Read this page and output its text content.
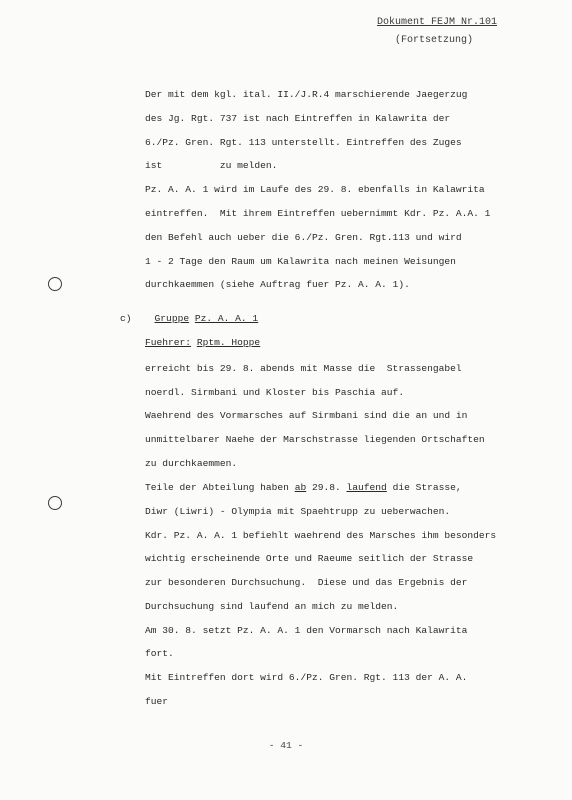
Dokument FEJM Nr.101
(Fortsetzung)
Der mit dem kgl. ital. II./J.R.4 marschierende Jaegerzug
des Jg. Rgt. 737 ist nach Eintreffen in Kalawrita der
6./Pz. Gren. Rgt. 113 unterstellt. Eintreffen des Zuges
ist          zu melden.
Pz. A. A. 1 wird im Laufe des 29. 8. ebenfalls in Kalawrita
eintreffen.  Mit ihrem Eintreffen uebernimmt Kdr. Pz. A.A. 1
den Befehl auch ueber die 6./Pz. Gren. Rgt.113 und wird
1 - 2 Tage den Raum um Kalawrita nach meinen Weisungen
durchkaemmen (siehe Auftrag fuer Pz. A. A. 1).
c) Gruppe Pz. A. A. 1
Fuehrer: Rptm. Hoppe
erreicht bis 29. 8. abends mit Masse die  Strassengabel
noerdl. Sirmbani und Kloster bis Paschia auf.
Waehrend des Vormarsches auf Sirmbani sind die an und in
unmittelbarer Naehe der Marschstrasse liegenden Ortschaften
zu durchkaemmen.
Teile der Abteilung haben ab 29.8. laufend die Strasse,
Diwr (Liwri) - Olympia mit Spaehtrupp zu ueberwachen.
Kdr. Pz. A. A. 1 befiehlt waehrend des Marsches ihm besonders
wichtig erscheinende Orte und Raeume seitlich der Strasse
zur besonderen Durchsuchung.  Diese und das Ergebnis der
Durchsuchung sind laufend an mich zu melden.
Am 30. 8. setzt Pz. A. A. 1 den Vormarsch nach Kalawrita
fort.
Mit Eintreffen dort wird 6./Pz. Gren. Rgt. 113 der A. A.
fuer
- 41 -
